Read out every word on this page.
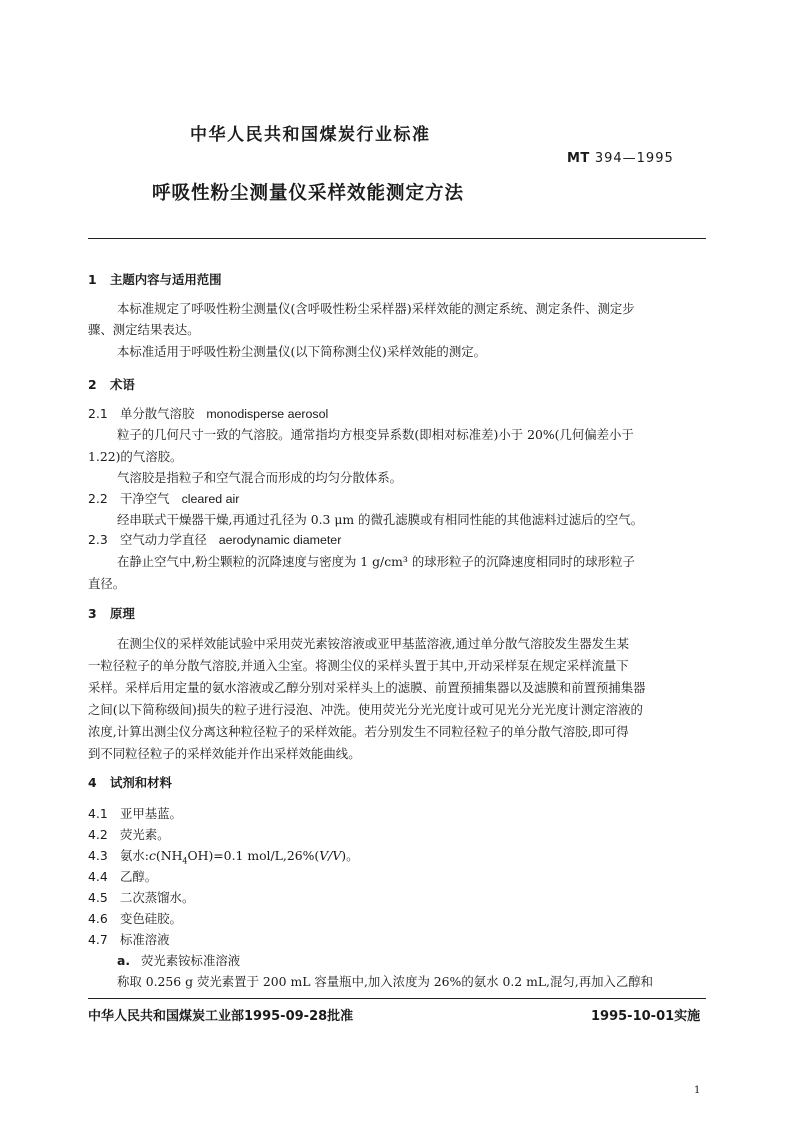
中华人民共和国煤炭行业标准
MT 394—1995
呼吸性粉尘测量仪采样效能测定方法
1 主题内容与适用范围
本标准规定了呼吸性粉尘测量仪(含呼吸性粉尘采样器)采样效能的测定系统、测定条件、测定步
骤、测定结果表达。
本标准适用于呼吸性粉尘测量仪(以下简称测尘仪)采样效能的测定。
2 术语
2.1 单分散气溶胶 monodisperse aerosol
粒子的几何尺寸一致的气溶胶。通常指均方根变异系数(即相对标准差)小于 20%(几何偏差小于
1.22)的气溶胶。
气溶胶是指粒子和空气混合而形成的均匀分散体系。
2.2 干净空气 cleared air
经串联式干燥器干燥,再通过孔径为 0.3 μm 的微孔滤膜或有相同性能的其他滤料过滤后的空气。
2.3 空气动力学直径 aerodynamic diameter
在静止空气中,粉尘颗粒的沉降速度与密度为 1 g/cm³ 的球形粒子的沉降速度相同时的球形粒子
直径。
3 原理
在测尘仪的采样效能试验中采用荧光素铵溶液或亚甲基蓝溶液,通过单分散气溶胶发生器发生某
一粒径粒子的单分散气溶胶,并通入尘室。将测尘仪的采样头置于其中,开动采样泵在规定采样流量下
采样。采样后用定量的氨水溶液或乙醇分别对采样头上的滤膜、前置预捕集器以及滤膜和前置预捕集器
之间(以下简称级间)损失的粒子进行浸泡、冲洗。使用荧光分光光度计或可见光分光光度计测定溶液的
浓度,计算出测尘仪分离这种粒径粒子的采样效能。若分别发生不同粒径粒子的单分散气溶胶,即可得
到不同粒径粒子的采样效能并作出采样效能曲线。
4 试剂和材料
4.1 亚甲基蓝。
4.2 荧光素。
4.3 氨水$:c(NH_4OH)=0.1$ mol/L,26%(V/V)。
4.4 乙醇。
4.5 二次蒸馏水。
4.6 变色硅胶。
4.7 标准溶液
a. 荧光素铵标准溶液
称取 0.256 g 荧光素置于 200 mL 容量瓶中,加入浓度为 26%的氨水 0.2 mL,混匀,再加入乙醇和
中华人民共和国煤炭工业部1995-09-28批准	1995-10-01实施
1
